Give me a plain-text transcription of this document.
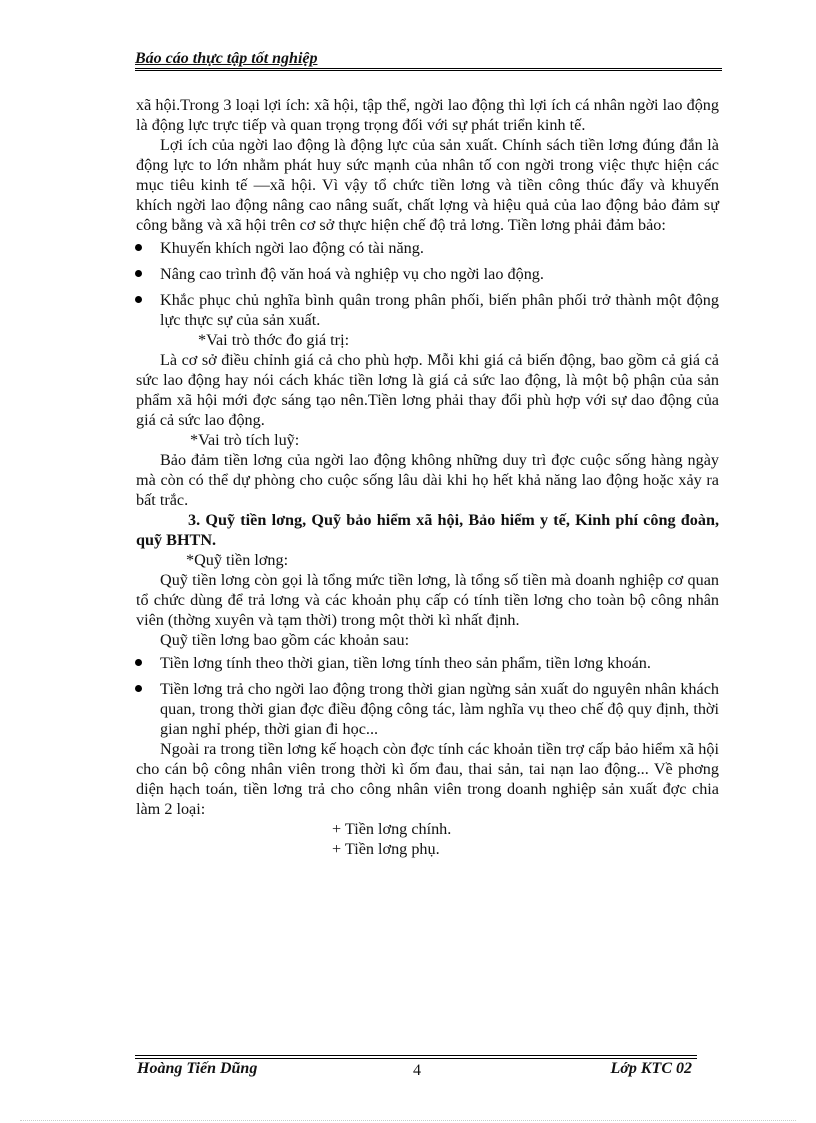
Báo cáo thực tập tốt nghiệp

xã hội.Trong 3 loại lợi ích: xã hội, tập thể, ngời lao động thì lợi ích cá nhân ngời lao động là động lực trực tiếp và quan trọng trọng đối với sự phát triển kinh tế.

Lợi ích của ngời lao động là động lực của sản xuất. Chính sách tiền lơng đúng đắn là động lực to lớn nhằm phát huy sức mạnh của nhân tố con ngời trong việc thực hiện các mục tiêu kinh tế —xã hội. Vì vậy tổ chức tiền lơng và tiền công thúc đẩy và khuyến khích ngời lao động nâng cao nâng suất, chất lợng và hiệu quả của lao động bảo đảm sự công bằng và xã hội trên cơ sở thực hiện chế độ trả lơng. Tiền lơng phải đảm bảo:

Khuyến khích ngời lao động có tài năng.
Nâng cao trình độ văn hoá và nghiệp vụ cho ngời lao động.
Khắc phục chủ nghĩa bình quân trong phân phối, biến phân phối trở thành một động lực thực sự của sản xuất.

*Vai trò thớc đo giá trị:

Là cơ sở điều chỉnh giá cả cho phù hợp. Mỗi khi giá cả biến động, bao gồm cả giá cả sức lao động hay nói cách khác tiền lơng là giá cả sức lao động, là một bộ phận của sản phẩm xã hội mới đợc sáng tạo nên.Tiền lơng phải thay đổi phù hợp với sự dao động của giá cả sức lao động.

*Vai trò tích luỹ:

Bảo đảm tiền lơng của ngời lao động không những duy trì đợc cuộc sống hàng ngày mà còn có thể dự phòng cho cuộc sống lâu dài khi họ hết khả năng lao động hoặc xảy ra bất trắc.

3. Quỹ tiền lơng, Quỹ bảo hiểm xã hội, Bảo hiểm y tế, Kinh phí công đoàn, quỹ BHTN.

*Quỹ tiền lơng:

Quỹ tiền lơng còn gọi là tổng mức tiền lơng, là tổng số tiền mà doanh nghiệp cơ quan tổ chức dùng để trả lơng và các khoản phụ cấp có tính tiền lơng cho toàn bộ công nhân viên (thờng xuyên và tạm thời) trong một thời kì nhất định.

Quỹ tiền lơng bao gồm các khoản sau:

Tiền lơng tính theo thời gian, tiền lơng tính theo sản phẩm, tiền lơng khoán.
Tiền lơng trả cho ngời lao động trong thời gian ngừng sản xuất do nguyên nhân khách quan, trong thời gian đợc điều động công tác, làm nghĩa vụ theo chế độ quy định, thời gian nghỉ phép, thời gian đi học...

Ngoài ra trong tiền lơng kế hoạch còn đợc tính các khoản tiền trợ cấp bảo hiểm xã hội cho cán bộ công nhân viên trong thời kì ốm đau, thai sản, tai nạn lao động... Về phơng diện hạch toán, tiền lơng trả cho công nhân viên trong doanh nghiệp sản xuất đợc chia làm 2 loại:

+ Tiền lơng chính.

+ Tiền lơng phụ.

Hoàng Tiến Dũng	4	Lớp KTC 02
